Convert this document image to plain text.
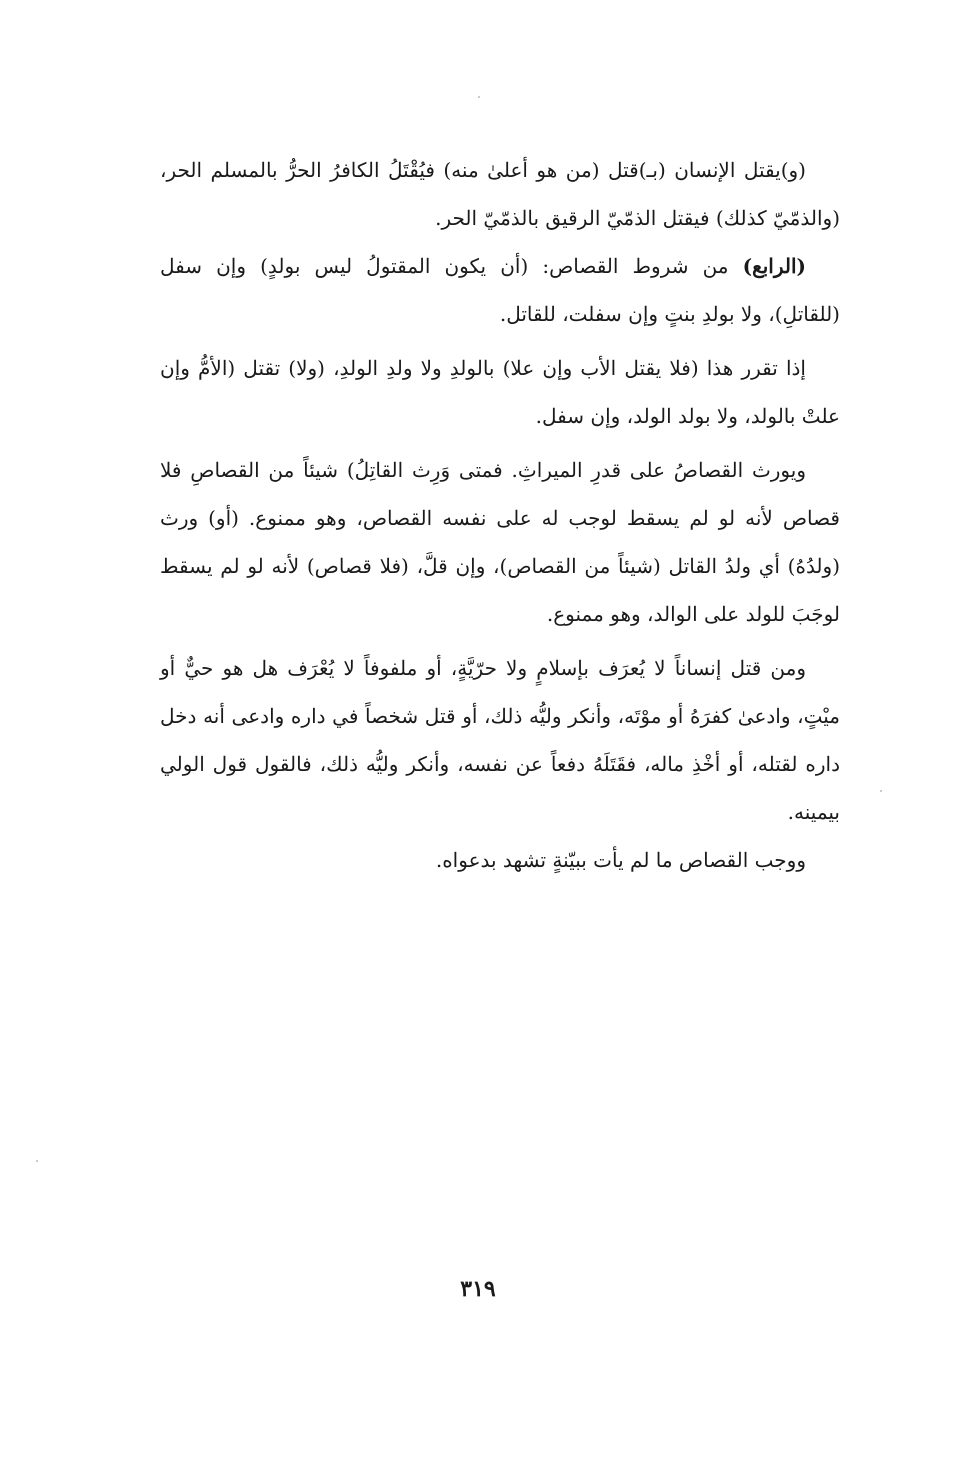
(و)يقتل الإنسان (بـ)قتل (من هو أعلىٰ منه) فيُقْتَلُ الكافرُ الحرُّ بالمسلم الحر، (والذمّيّ كذلك) فيقتل الذمّيّ الرقيق بالذمّيّ الحر.

(الرابع) من شروط القصاص: (أن يكون المقتولُ ليس بولدٍ) وإن سفل (للقاتلِ)، ولا بولدِ بنتٍ وإن سفلت، للقاتل.

إذا تقرر هذا (فلا يقتل الأب وإن علا) بالولدِ ولا ولدِ الولدِ، (ولا) تقتل (الأمُّ وإن علتْ بالولد، ولا بولد الولد، وإن سفل.

ويورث القصاصُ على قدرِ الميراثِ. فمتى وَرِث القاتِلُ) شيئاً من القصاصِ فلا قصاص لأنه لو لم يسقط لوجب له على نفسه القصاص، وهو ممنوع. (أو) ورث (ولدُهُ) أي ولدُ القاتل (شيئاً من القصاص)، وإن قلَّ، (فلا قصاص) لأنه لو لم يسقط لوجَبَ للولد على الوالد، وهو ممنوع.

ومن قتل إنساناً لا يُعرَف بإسلامٍ ولا حرّيَّةٍ، أو ملفوفاً لا يُعْرَف هل هو حيٌّ أو ميْتٍ، وادعىٰ كفرَهُ أو موْتَه، وأنكر وليُّه ذلك، أو قتل شخصاً في داره وادعى أنه دخل داره لقتله، أو أخْذِ ماله، فقَتَلَهُ دفعاً عن نفسه، وأنكر وليُّه ذلك، فالقول قول الولي بيمينه.

ووجب القصاص ما لم يأت ببيّنةٍ تشهد بدعواه.

٣١٩
